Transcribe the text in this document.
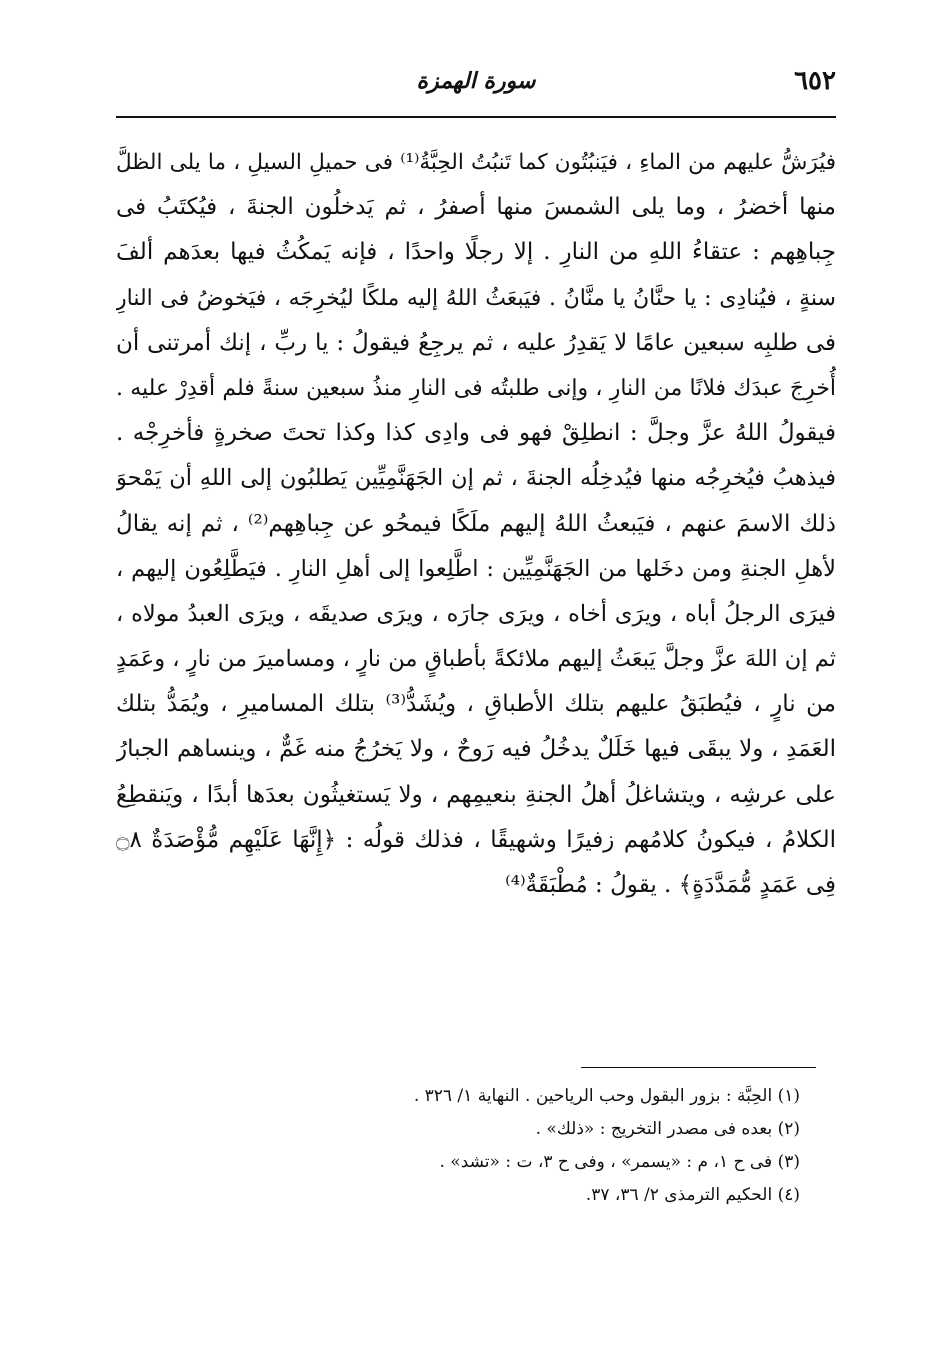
٦٥٢
سورة الهمزة
فيُرَشُّ عليهم من الماءِ ، فيَنبُتُون كما تَنبُتُ الحِبَّةُ⁽¹⁾ فى حميلِ السيلِ ، ما يلى الظلَّ
منها أخضرُ ، وما يلى الشمسَ منها أصفرُ ، ثم يَدخلُون الجنةَ ، فيُكتَبُ فى
جِباهِهم : عتقاءُ اللهِ من النارِ . إلا رجلًا واحدًا ، فإنه يَمكُثُ فيها بعدَهم ألفَ
سنةٍ ، فيُنادِى : يا حنَّانُ يا منَّانُ . فيَبعَثُ اللهُ إليه ملكًا ليُخرِجَه ، فيَخوضُ فى النارِ
فى طلبِه سبعين عامًا لا يَقدِرُ عليه ، ثم يرجِعُ فيقولُ : يا ربِّ ، إنك أمرتنى أن
أُخرِجَ عبدَك فلانًا من النارِ ، وإنى طلبتُه فى النارِ منذُ سبعين سنةً فلم أقدِرْ عليه .
فيقولُ اللهُ عزَّ وجلَّ : انطلِقْ فهو فى وادِى كذا وكذا تحتَ صخرةٍ فأخرِجْه .
فيذهبُ فيُخرِجُه منها فيُدخِلُه الجنةَ ، ثم إن الجَهَنَّمِيِّين يَطلبُون إلى اللهِ أن يَمْحوَ
ذلك الاسمَ عنهم ، فيَبعثُ اللهُ إليهم ملَكًا فيمحُو عن جِباهِهم⁽²⁾ ، ثم إنه يقالُ
لأهلِ الجنةِ ومن دخَلها من الجَهَنَّمِيِّين : اطَّلِعوا إلى أهلِ النارِ . فيَطَّلِعُون إليهم ،
فيرَى الرجلُ أباه ، ويرَى أخاه ، ويرَى جارَه ، ويرَى صديقَه ، ويرَى العبدُ مولاه ،
ثم إن اللهَ عزَّ وجلَّ يَبعَثُ إليهم ملائكةً بأطباقٍ من نارٍ ، ومساميرَ من نارٍ ، وعَمَدٍ
من نارٍ ، فيُطبَقُ عليهم بتلك الأطباقِ ، ويُشَدُّ⁽³⁾ بتلك المساميرِ ، ويُمَدُّ بتلك
العَمَدِ ، ولا يبقَى فيها خَلَلٌ يدخُلُ فيه رَوحٌ ، ولا يَخرُجُ منه غَمٌّ ، وينساهم الجبارُ
على عرشِه ، ويتشاغلُ أهلُ الجنةِ بنعيمِهم ، ولا يَستغيثُون بعدَها أبدًا ، ويَنقطِعُ
الكلامُ ، فيكونُ كلامُهم زفيرًا وشهيقًا ، فذلك قولُه : ﴿إِنَّهَا عَلَيْهِم مُّؤْصَدَةٌ ۝٨
فِى عَمَدٍ مُّمَدَّدَةٍ﴾ . يقولُ : مُطْبَقَةٌ⁽⁴⁾
(١) الحِبَّة : بزور البقول وحب الرياحين . النهاية ١/ ٣٢٦ .
(٢) بعده فى مصدر التخريج : «ذلك» .
(٣) فى ح ١، م : «يسمر» ، وفى ح ٣، ت : «تشد» .
(٤) الحكيم الترمذى ٢/ ٣٦، ٣٧.
